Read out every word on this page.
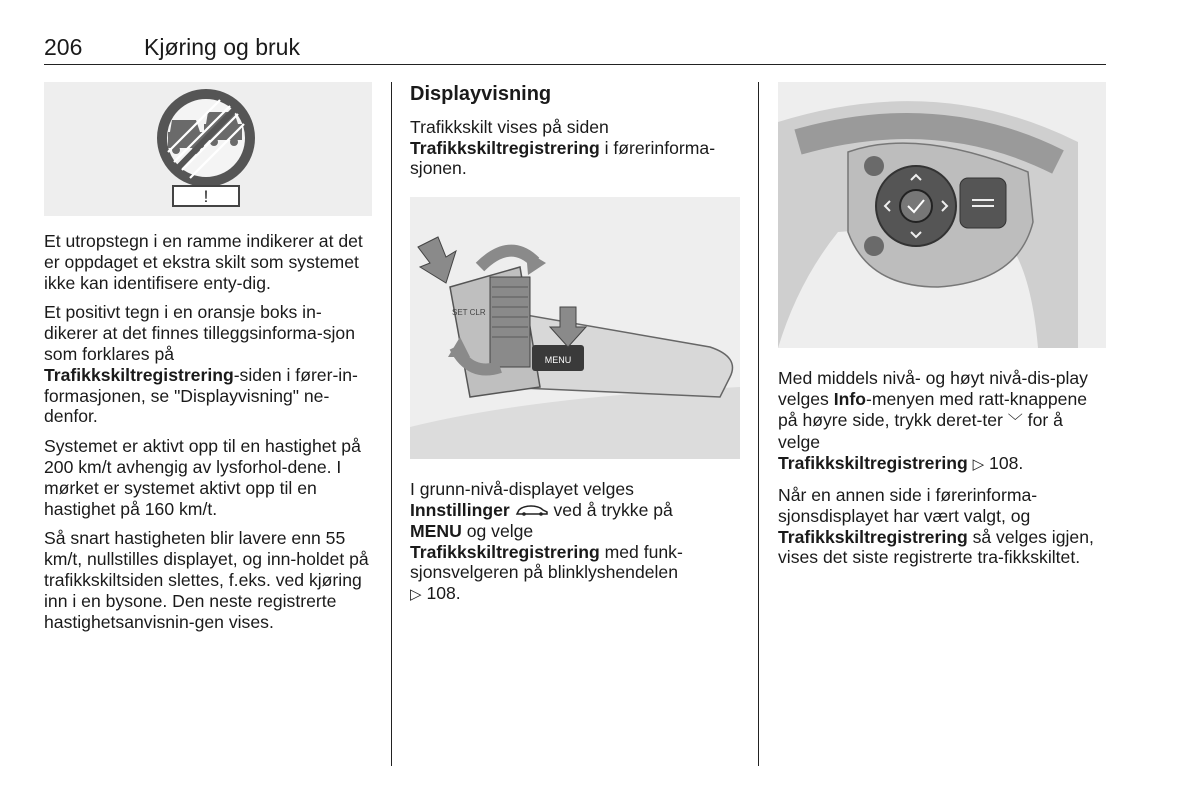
206	Kjøring og bruk
!

Et utropstegn i en ramme indikerer at det er oppdaget et ekstra skilt som systemet ikke kan identifisere enty-dig.

Et positivt tegn i en oransje boks in-dikerer at det finnes tilleggsinforma-sjon som forklares på
Trafikkskiltregistrering-siden i fører-in-formasjonen, se "Displayvisning" ne-denfor.

Systemet er aktivt opp til en hastighet på 200 km/t avhengig av lysforhol-dene. I mørket er systemet aktivt opp til en hastighet på 160 km/t.

Så snart hastigheten blir lavere enn 55 km/t, nullstilles displayet, og inn-holdet på trafikkskiltsiden slettes, f.eks. ved kjøring inn i en bysone. Den neste registrerte hastighetsanvisnin-gen vises.

Displayvisning

Trafikkskilt vises på siden
Trafikkskiltregistrering i førerinforma-sjonen.

MENU
SET CLR

I grunn-nivå-displayet velges
Innstillinger  ved å trykke på
MENU og velge
Trafikkskiltregistrering med funk-sjonsvelgeren på blinklyshendelen
▷ 108.

Med middels nivå- og høyt nivå-dis-play velges Info-menyen med ratt-knappene på høyre side, trykk deret-ter ﹀ for å velge
Trafikkskiltregistrering ▷ 108.

Når en annen side i førerinforma-sjonsdisplayet har vært valgt, og
Trafikkskiltregistrering så velges igjen, vises det siste registrerte tra-fikkskiltet.
